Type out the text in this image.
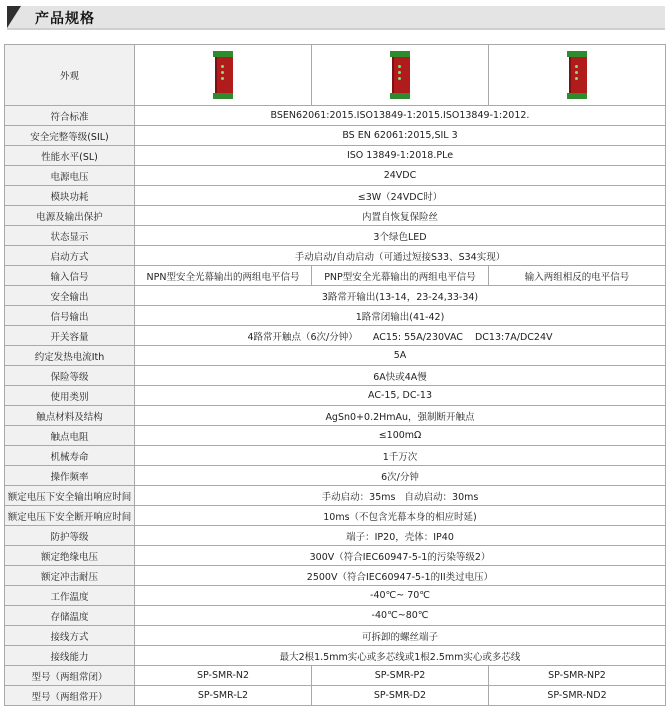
产品规格
外观	

符合标准	BSEN62061:2015.ISO13849-1:2015.ISO13849-1:2012.		
安全完整等级(SIL)	BS EN 62061:2015,SIL 3		
性能水平(SL)	ISO 13849-1:2018.PLe		
电源电压	24VDC		
模块功耗	≤3W（24VDC时）		
电源及输出保护	内置自恢复保险丝		
状态显示	3个绿色LED		
启动方式	手动启动/自动启动（可通过短接S33、S34实现）		
输入信号	NPN型安全光幕输出的两组电平信号	PNP型安全光幕输出的两组电平信号	输入两组相反的电平信号
安全输出	3路常开输出(13-14，23-24,33-34)		
信号输出	1路常闭输出(41-42)		
开关容量	4路常开触点（6次/分钟）     AC15: 55A/230VAC    DC13:7A/DC24V		
约定发热电流Ith	5A		
保险等级	6A快或4A慢		
使用类别	AC-15, DC-13		
触点材料及结构	AgSn0+0.2HmAu，强制断开触点		
触点电阻	≤100mΩ		
机械寿命	1千万次		
操作频率	6次/分钟		
额定电压下安全输出响应时间	手动启动：35ms   自动启动：30ms		
额定电压下安全断开响应时间	10ms（不包含光幕本身的相应时延)		
防护等级	端子：IP20，壳体：IP40		
额定绝缘电压	300V（符合IEC60947-5-1的污染等级2）		
额定冲击耐压	2500V（符合IEC60947-5-1的II类过电压）		
工作温度	-40℃~ 70℃		
存储温度	-40℃~80℃		
接线方式	可拆卸的螺丝端子		
接线能力	最大2根1.5mm实心或多芯线或1根2.5mm实心或多芯线		
型号（两组常闭）	SP-SMR-N2	SP-SMR-P2	SP-SMR-NP2
型号（两组常开）	SP-SMR-L2	SP-SMR-D2	SP-SMR-ND2
